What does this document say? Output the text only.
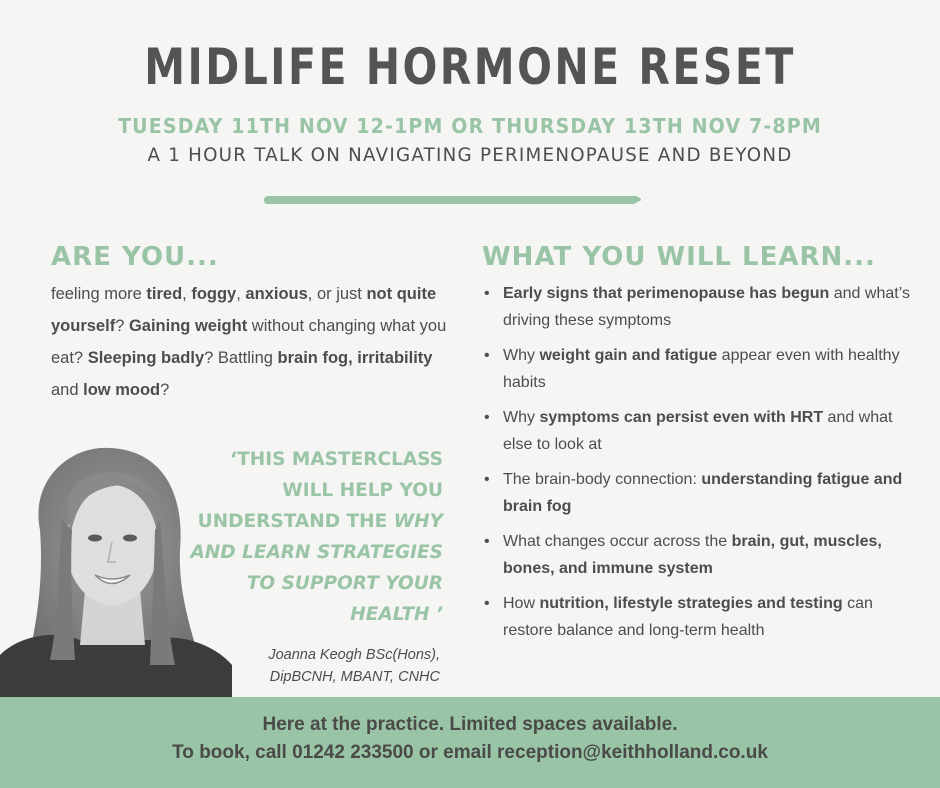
MIDLIFE HORMONE RESET
TUESDAY 11TH NOV 12-1PM OR THURSDAY 13TH NOV 7-8PM
A 1 HOUR TALK ON NAVIGATING PERIMENOPAUSE AND BEYOND
ARE YOU...
feeling more tired, foggy, anxious, or just not quite yourself? Gaining weight without changing what you eat? Sleeping badly? Battling brain fog, irritability and low mood?
WHAT YOU WILL LEARN...
• Early signs that perimenopause has begun and what’s driving these symptoms
• Why weight gain and fatigue appear even with healthy habits
• Why symptoms can persist even with HRT and what else to look at
• The brain-body connection: understanding fatigue and brain fog
• What changes occur across the brain, gut, muscles, bones, and immune system
• How nutrition, lifestyle strategies and testing can restore balance and long-term health
‘THIS MASTERCLASS WILL HELP YOU UNDERSTAND THE WHY AND LEARN STRATEGIES TO SUPPORT YOUR HEALTH ’
Joanna Keogh BSc(Hons),
DipBCNH, MBANT, CNHC
Here at the practice. Limited spaces available.
To book, call 01242 233500 or email reception@keithholland.co.uk
